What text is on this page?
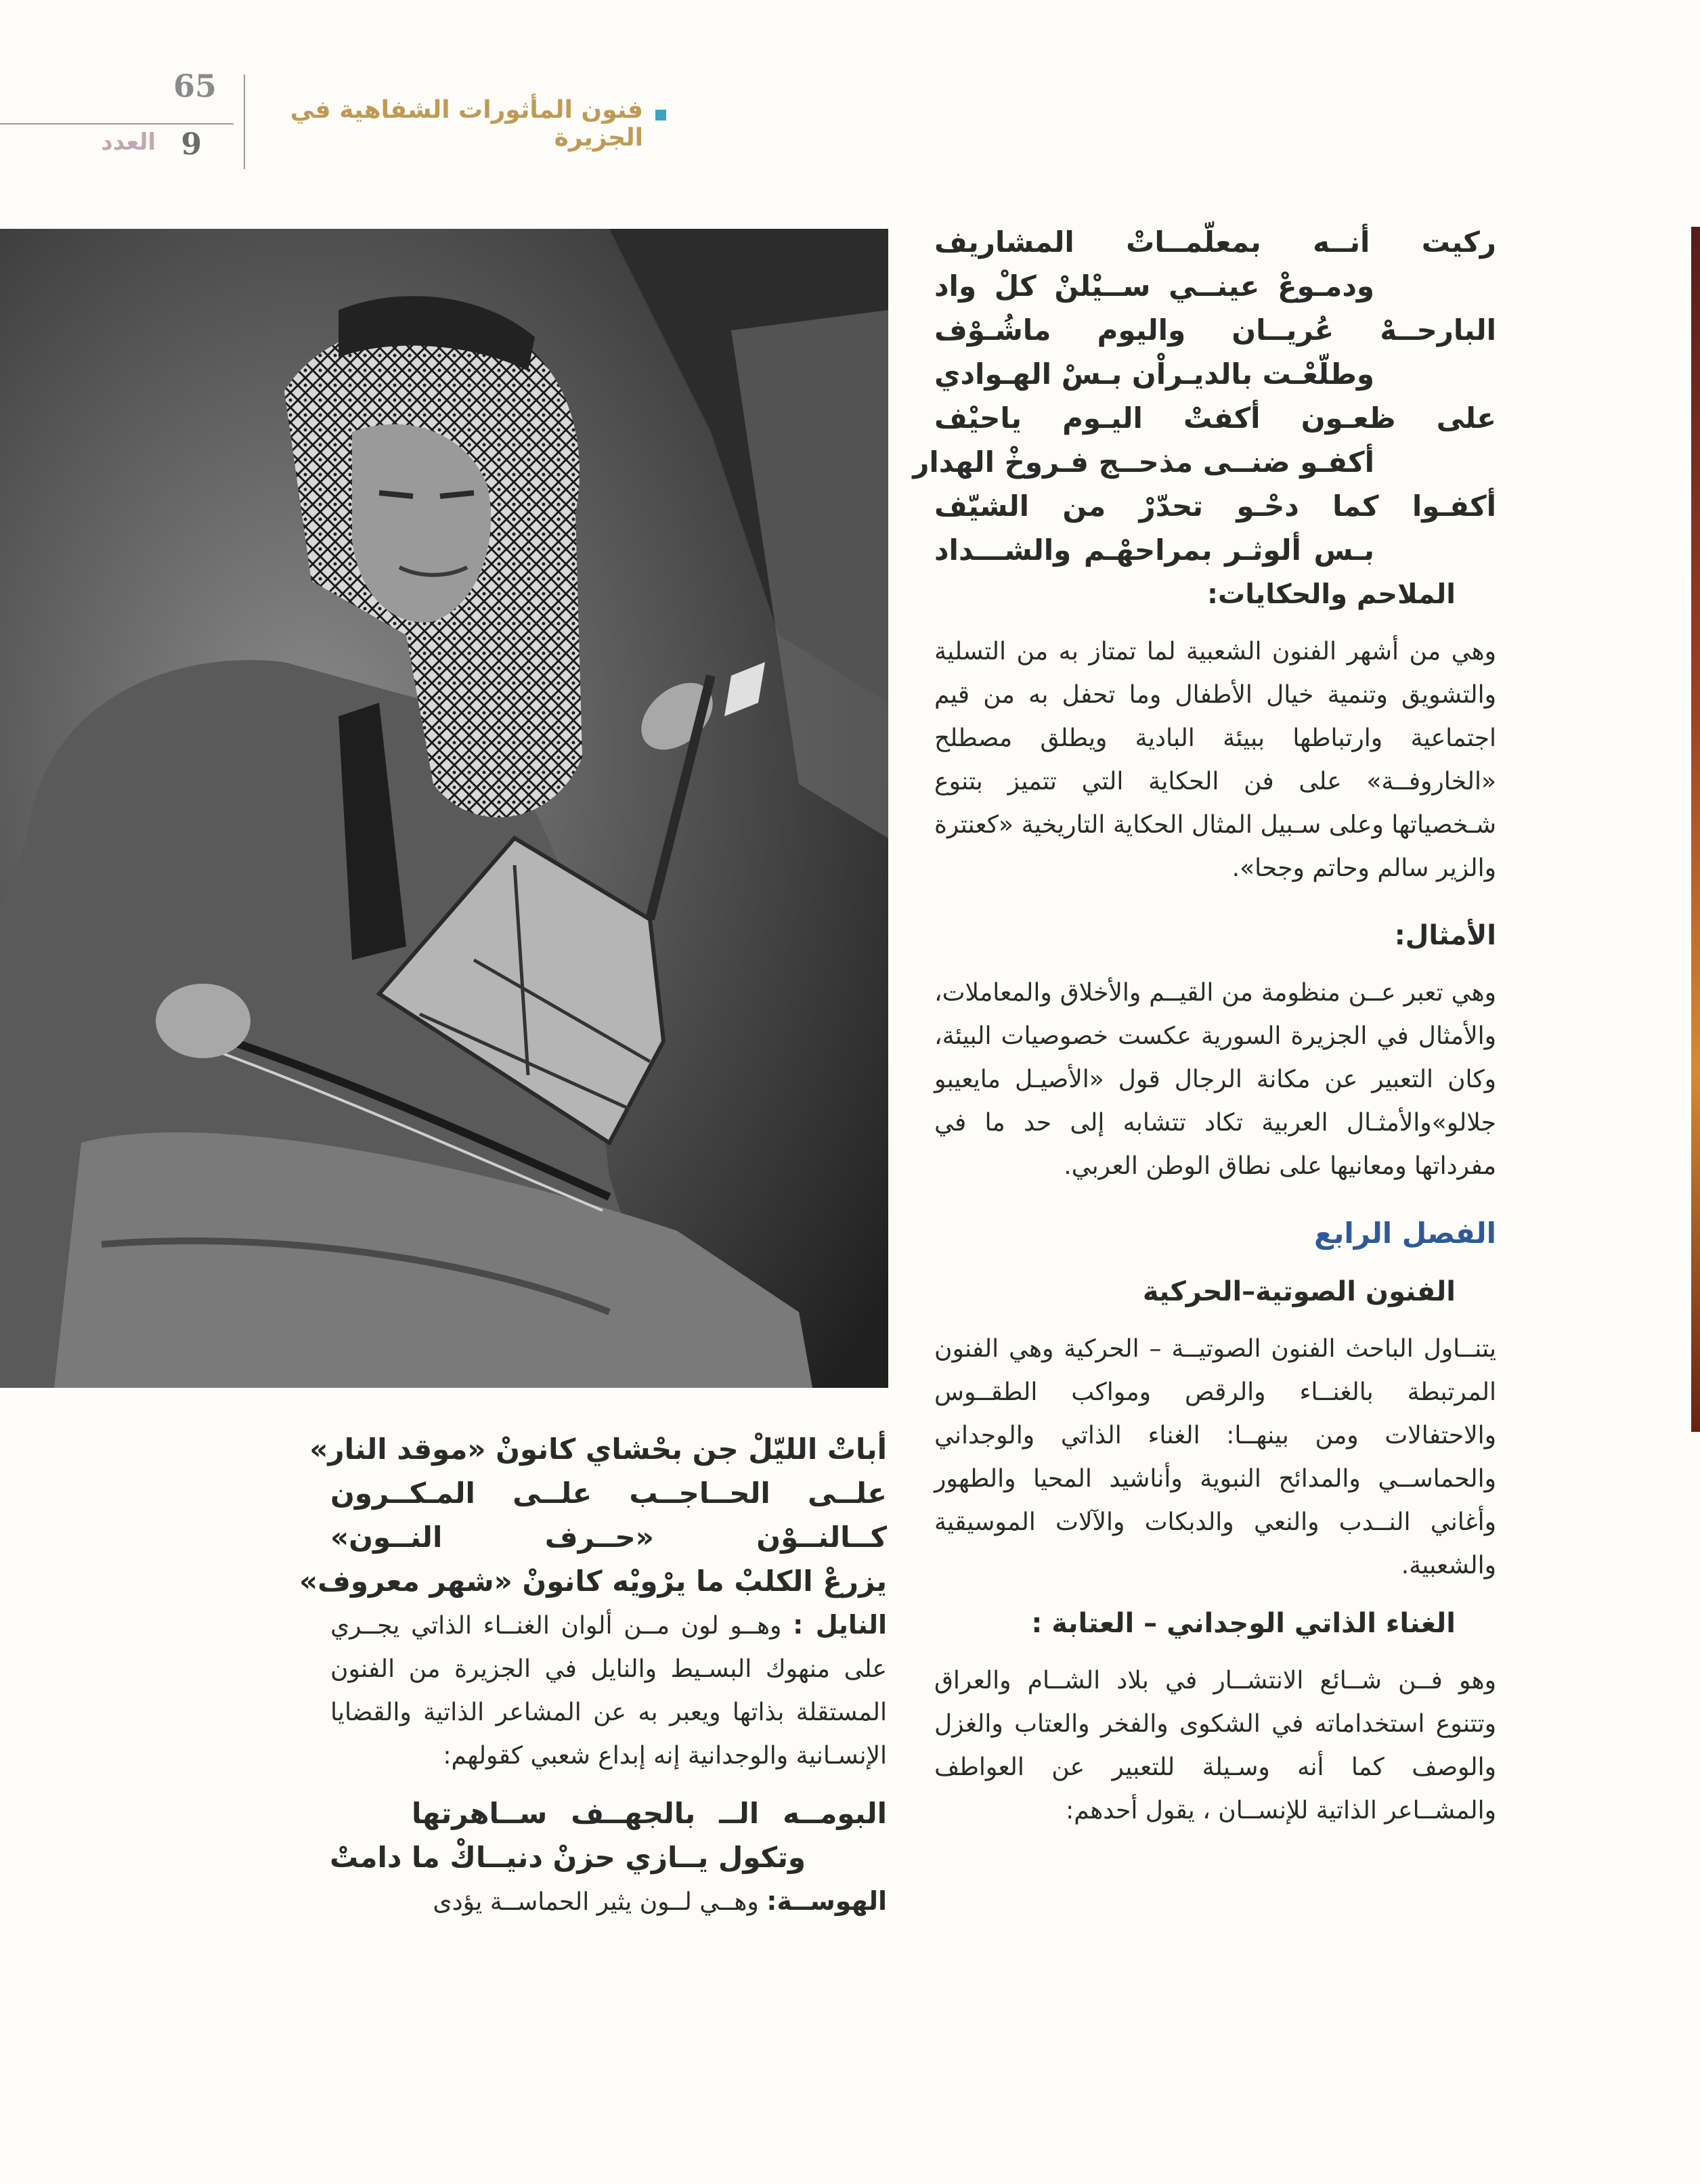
65
9
العدد
فنون المأثورات الشفاهية في الجزيرة
ركيت أنــه بمعلّمــاتْ المشاريف
ودمـوعْ عينــي ســيْلنْ كلْ واد
البارحــهْ عُريــان واليوم ماشُـوْف
وطلّعْـت بالديـراْن بـسْ الهـوادي
على ظعـون أكفتْ اليـوم ياحيْف
أكفـو ضنــى مذحــج فـروخْ الهدار
أكفـوا كما دحْـو تحدّرْ من الشيّف
بـس ألوثـر بمراحهْـم والشـــداد
الملاحم والحكايات:
وهي من أشهر الفنون الشعبية لما تمتاز به من التسلية والتشويق وتنمية خيال الأطفال وما تحفل به من قيم اجتماعية وارتباطها ببيئة البادية ويطلق مصطلح «الخاروفــة» على فن الحكاية التي تتميز بتنوع شـخصياتها وعلى سـبيل المثال الحكاية التاريخية «كعنترة والزير سالم وحاتم وجحا».
الأمثال:
وهي تعبر عــن منظومة من القيــم والأخلاق والمعاملات، والأمثال في الجزيرة السورية عكست خصوصيات البيئة، وكان التعبير عن مكانة الرجال قول «الأصيـل مايعيبو جلالو»والأمثـال العربية تكاد تتشابه إلى حد ما في مفرداتها ومعانيها على نطاق الوطن العربي.
الفصل الرابع
الفنون الصوتية–الحركية
يتنــاول الباحث الفنون الصوتيــة – الحركية وهي الفنون المرتبطة بالغنــاء والرقص ومواكب الطقــوس والاحتفالات ومن بينهــا: الغناء الذاتي والوجداني والحماســي والمدائح النبوية وأناشيد المحيا والطهور وأغاني النــدب والنعي والدبكات والآلات الموسيقية والشعبية.
الغناء الذاتي الوجداني – العتابة :
وهو فــن شــائع الانتشــار في بلاد الشــام والعراق وتتنوع استخداماته في الشكوى والفخر والعتاب والغزل والوصف كما أنه وسـيلة للتعبير عن العواطف والمشــاعر الذاتية للإنســان ، يقول أحدهم:
أباتْ الليّلْ جن بحْشاي كانونْ «موقد النار»
علــى الحــاجــب علــى المـكــرون
كــالنــوْن «حــرف النــون»
يزرعْ الكلبْ ما يرْويْه كانونْ «شهر معروف»
النايل : وهــو لون مــن ألوان الغنــاء الذاتي يجــري على منهوك البسـيط والنايل في الجزيرة من الفنون المستقلة بذاتها ويعبر به عن المشاعر الذاتية والقضايا الإنسـانية والوجدانية إنه إبداع شعبي كقولهم:
البومــه الــ بالجهــف ســاهرتها
وتكول يــازي حزنْ دنيــاكْ ما دامتْ
الهوســة: وهــي لــون يثير الحماســة يؤدى
